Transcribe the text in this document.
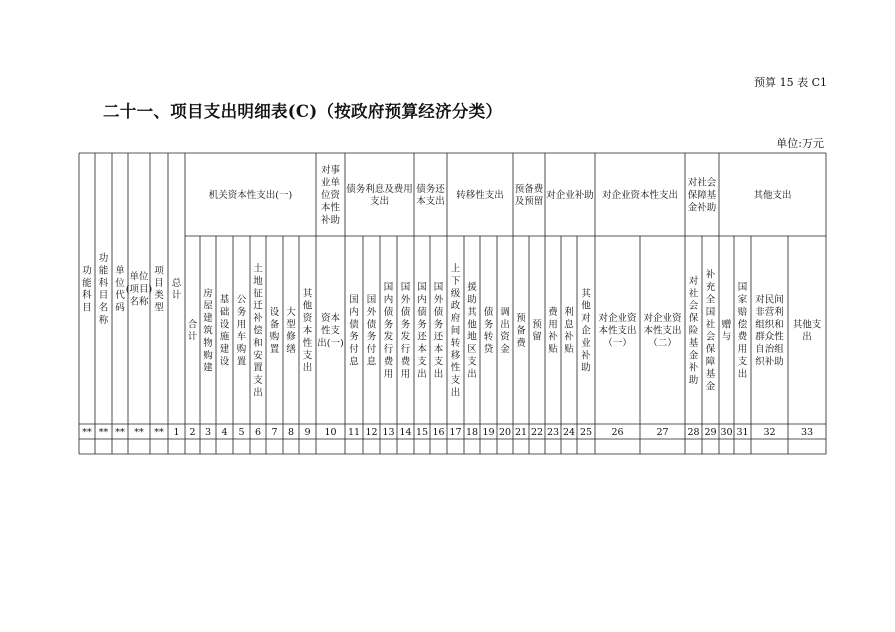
预算 15 表 C1
二十一、项目支出明细表(C)（按政府预算经济分类）
单位:万元
功
能
科
目
功
能
科
目
名
称
单
位
代
码
单位
(项目)
名称
项
目
类
型
总
计
机关资本性支出(一)
对事
业单
位资
本性
补助
债务利息及费用
支出
债务还
本支出
转移性支出
预备费
及预留
对企业补助 对企业资本性支出
对社会
保障基
金补助
其他支出
合
计
房
屋
建
筑
物
购
建
基
础
设
施
建
设
公
务
用
车
购
置
土
地
征
迁
补
偿
和
安
置
支
出
设
备
购
置
大
型
修
缮
其
他
资
本
性
支
出
资本
性支
出(一)
国
内
债
务
付
息
国
外
债
务
付
息
国
内
债
务
发
行
费
用
国
外
债
务
发
行
费
用
国
内
债
务
还
本
支
出
国
外
债
务
还
本
支
出
上
下
级
政
府
间
转
移
性
支
出
援
助
其
他
地
区
支
出
债
务
转
贷
调
出
资
金
预
备
费
预
留
费
用
补
贴
利
息
补
贴
其
他
对
企
业
补
助
对企业资
本性支出
（一）
对企业资
本性支出
（二）
对
社
会
保
险
基
金
补
助
补
充
全
国
社
会
保
障
基
金
赠
与
国
家
赔
偿
费
用
支
出
对民间
非营利
组织和
群众性
自治组
织补助
其他支
出
** ** ** ** ** 1 2 3 4 5 6 7 8 9 10 11 12 13 14 15 16 17 18 19 20 21 22 23 24 25 26	27 28 29 30 31 32	33
